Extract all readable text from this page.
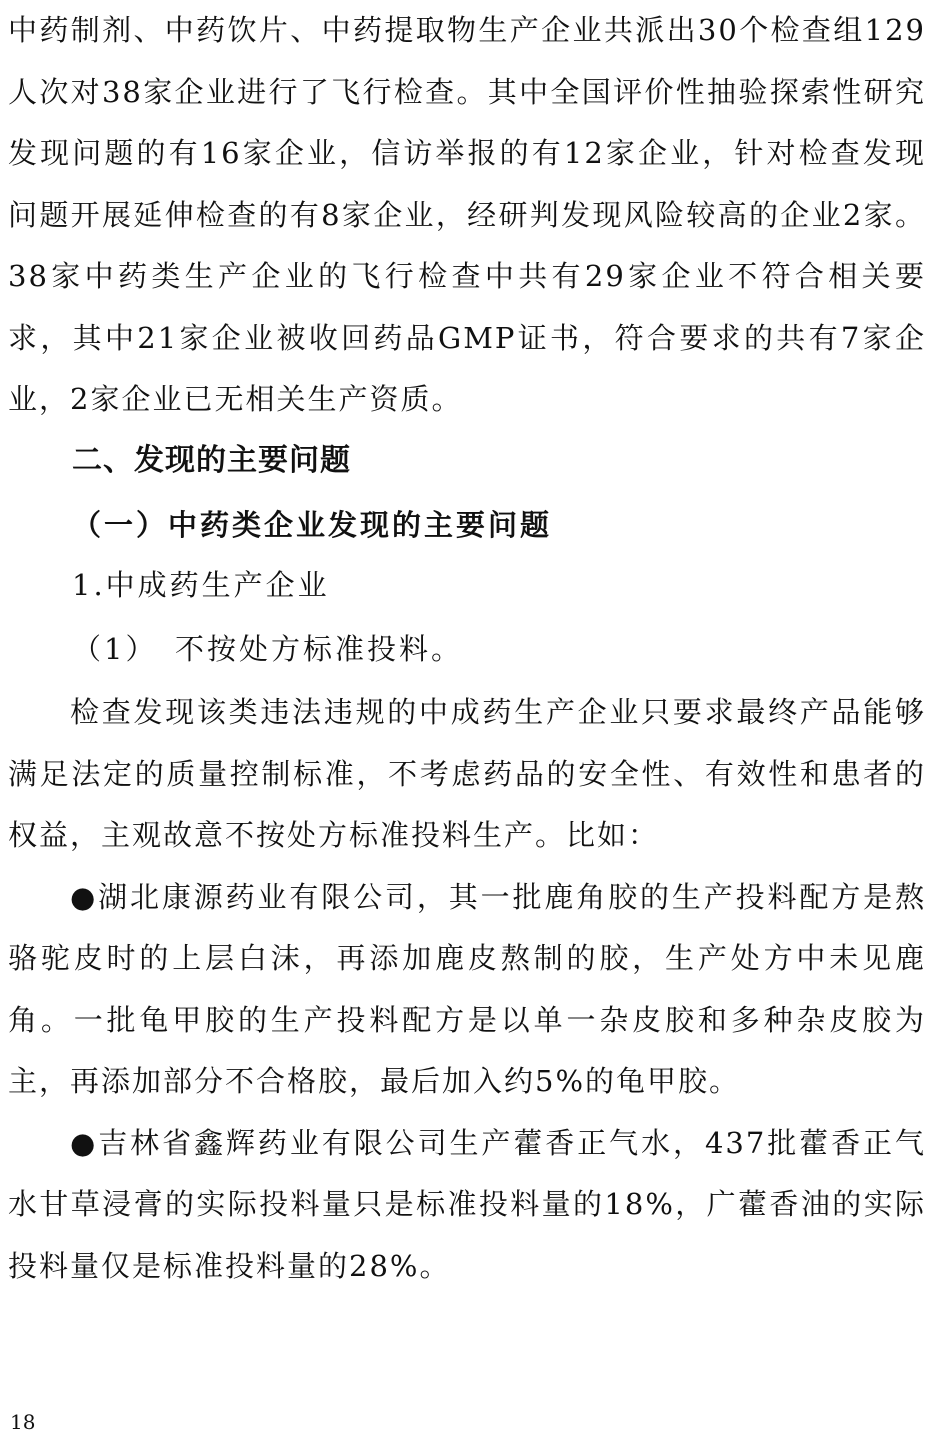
中药制剂、中药饮片、中药提取物生产企业共派出30个检查组129人次对38家企业进行了飞行检查。其中全国评价性抽验探索性研究发现问题的有16家企业，信访举报的有12家企业，针对检查发现问题开展延伸检查的有8家企业，经研判发现风险较高的企业2家。38家中药类生产企业的飞行检查中共有29家企业不符合相关要求，其中21家企业被收回药品GMP证书，符合要求的共有7家企业，2家企业已无相关生产资质。

二、发现的主要问题

（一）中药类企业发现的主要问题

1.中成药生产企业

（1）　不按处方标准投料。

检查发现该类违法违规的中成药生产企业只要求最终产品能够满足法定的质量控制标准，不考虑药品的安全性、有效性和患者的权益，主观故意不按处方标准投料生产。比如：

●湖北康源药业有限公司，其一批鹿角胶的生产投料配方是熬骆驼皮时的上层白沫，再添加鹿皮熬制的胶，生产处方中未见鹿角。一批龟甲胶的生产投料配方是以单一杂皮胶和多种杂皮胶为主，再添加部分不合格胶，最后加入约5%的龟甲胶。

●吉林省鑫辉药业有限公司生产藿香正气水，437批藿香正气水甘草浸膏的实际投料量只是标准投料量的18%，广藿香油的实际投料量仅是标准投料量的28%。

18
